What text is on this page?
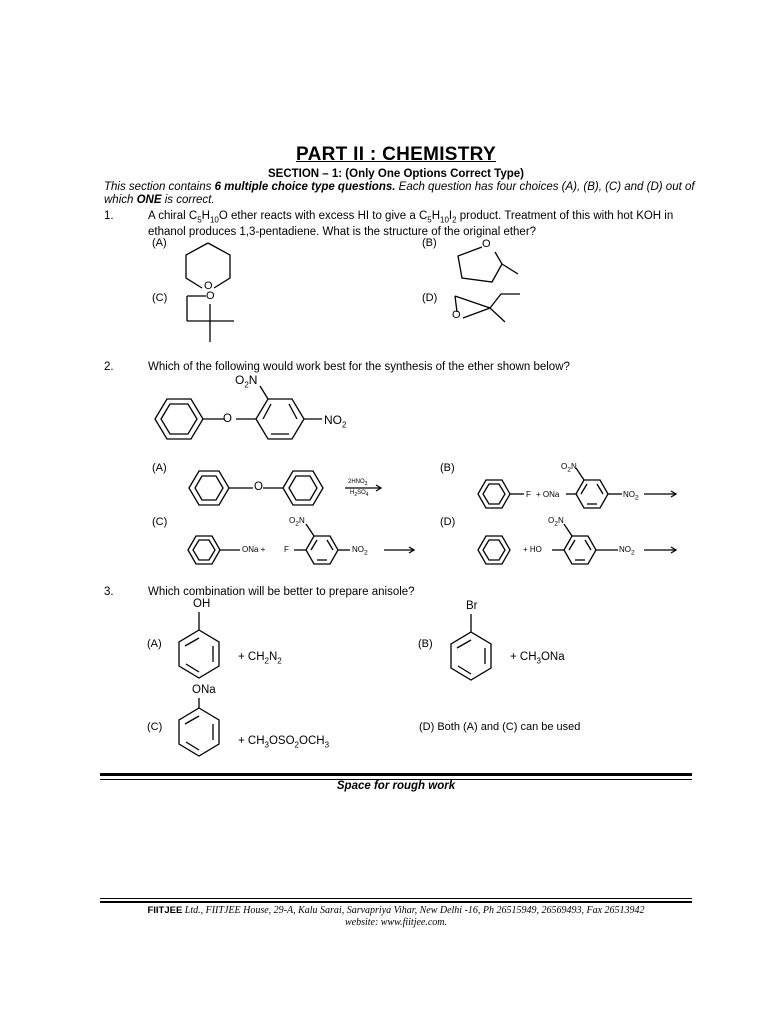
PART II : CHEMISTRY
SECTION – 1: (Only One Options Correct Type)
This section contains 6 multiple choice type questions. Each question has four choices (A), (B), (C) and (D) out of which ONE is correct.
1.	A chiral $C_5H_{10}O$ ether reacts with excess HI to give a $C_5H_{10}I_2$ product. Treatment of this with hot KOH in ethanol produces 1,3-pentadiene. What is the structure of the original ether?
(A)	(B)
(C)	(D)
O
O
O
O
2.	Which of the following would work best for the synthesis of the ether shown below?
O
$O_2N$
$NO_2$
(A)	(B)
(C)	(D)
O	$2HNO_3$
$H_2SO_4$	F + ONa
$O_2N$
$NO_2$
ONa + F
$O_2N$
$NO_2$	+ HO
$O_2N$
$NO_2$
3.	Which combination will be better to prepare anisole?
(A)	(B)
(C)	(D) Both (A) and (C) can be used
OH
+ $CH_2N_2$
Br
+ $CH_3ONa$
ONa
+ $CH_3OSO_2OCH_3$
Space for rough work
FIITJEE Ltd., FIITJEE House, 29-A, Kalu Sarai, Sarvapriya Vihar, New Delhi -16, Ph 26515949, 26569493, Fax 26513942
website: www.fiitjee.com.
